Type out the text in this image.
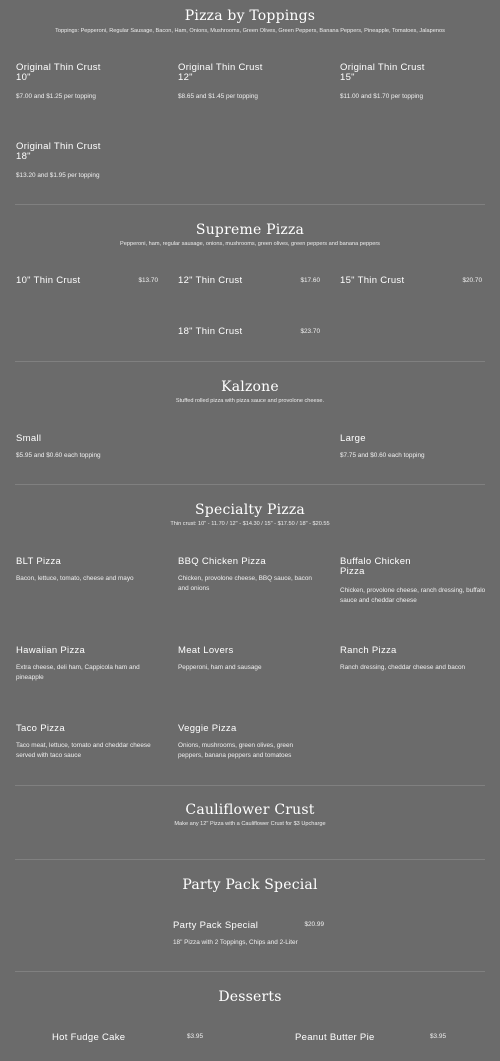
Pizza by Toppings
Toppings: Pepperoni, Regular Sausage, Bacon, Ham, Onions, Mushrooms, Green Olives, Green Peppers, Banana Peppers, Pineapple, Tomatoes, Jalapenos
Original Thin Crust
10"
$7.00 and $1.25 per topping
Original Thin Crust
12"
$8.65 and $1.45 per topping
Original Thin Crust
15"
$11.00 and $1.70 per topping
Original Thin Crust
18"
$13.20 and $1.95 per topping
Supreme Pizza
Pepperoni, ham, regular sausage, onions, mushrooms, green olives, green peppers and banana peppers
10" Thin Crust	$13.70 12" Thin Crust	$17.60 15" Thin Crust	$20.70
18" Thin Crust	$23.70
Kalzone
Stuffed rolled pizza with pizza sauce and provolone cheese.
Small
$5.95 and $0.60 each topping
Large
$7.75 and $0.60 each topping
Specialty Pizza
Thin crust: 10" - 11.70 / 12" - $14.30 / 15" - $17.50 / 18" - $20.55
BLT Pizza
Bacon, lettuce, tomato, cheese and mayo
BBQ Chicken Pizza
Chicken, provolone cheese, BBQ sauce, bacon and onions
Buffalo Chicken Pizza
Chicken, provolone cheese, ranch dressing, buffalo sauce and cheddar cheese
Hawaiian Pizza
Extra cheese, deli ham, Cappicola ham and pineapple
Meat Lovers
Pepperoni, ham and sausage
Ranch Pizza
Ranch dressing, cheddar cheese and bacon
Taco Pizza
Taco meat, lettuce, tomato and cheddar cheese served with taco sauce
Veggie Pizza
Onions, mushrooms, green olives, green peppers, banana peppers and tomatoes
Cauliflower Crust
Make any 12" Pizza with a Cauliflower Crust for $3 Upcharge
Party Pack Special
Party Pack Special	$20.99
18" Pizza with 2 Toppings, Chips and 2-Liter
Desserts
Hot Fudge Cake	$3.95	Peanut Butter Pie	$3.95
